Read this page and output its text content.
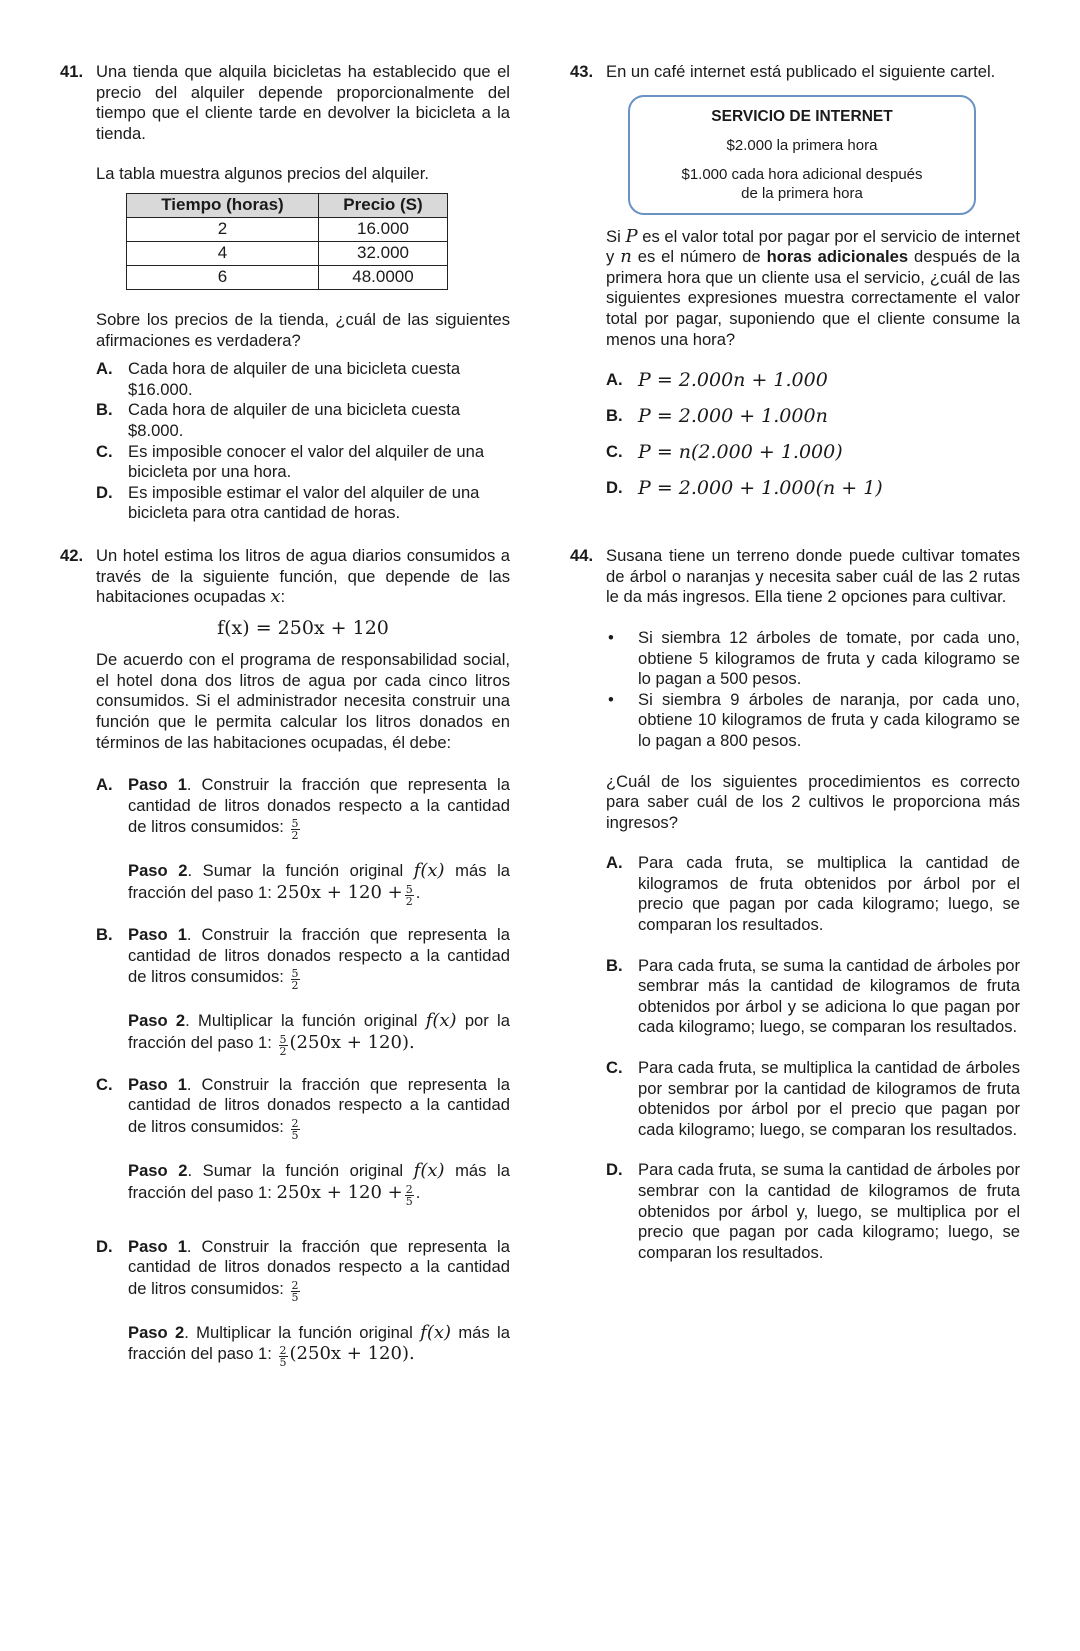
41. Una tienda que alquila bicicletas ha establecido que el precio del alquiler depende proporcionalmente del tiempo que el cliente tarde en devolver la bicicleta a la tienda.

La tabla muestra algunos precios del alquiler.

Tiempo (horas)	Precio (S)
2	16.000
4	32.000
6	48.0000

Sobre los precios de la tienda, ¿cuál de las siguientes afirmaciones es verdadera?

A. Cada hora de alquiler de una bicicleta cuesta $16.000.
B. Cada hora de alquiler de una bicicleta cuesta $8.000.
C. Es imposible conocer el valor del alquiler de una bicicleta por una hora.
D. Es imposible estimar el valor del alquiler de una bicicleta para otra cantidad de horas.
42. Un hotel estima los litros de agua diarios consumidos a través de la siguiente función, que depende de las habitaciones ocupadas x:

f(x) = 250x + 120

De acuerdo con el programa de responsabilidad social, el hotel dona dos litros de agua por cada cinco litros consumidos. Si el administrador necesita construir una función que le permita calcular los litros donados en términos de las habitaciones ocupadas, él debe:

A. Paso 1. Construir la fracción que representa la cantidad de litros donados respecto a la cantidad de litros consumidos: $\frac{5}{2}$

Paso 2. Sumar la función original f(x) más la fracción del paso 1: $250x + 120 + \frac{5}{2}$ .

B. Paso 1. Construir la fracción que representa la cantidad de litros donados respecto a la cantidad de litros consumidos: $\frac{5}{2}$

Paso 2. Multiplicar la función original f(x) por la fracción del paso 1: $\frac{5}{2} (250x + 120)$.

C. Paso 1. Construir la fracción que representa la cantidad de litros donados respecto a la cantidad de litros consumidos: $\frac{2}{5}$

Paso 2. Sumar la función original f(x) más la fracción del paso 1: $250x + 120 + \frac{2}{5}$ .

D. Paso 1. Construir la fracción que representa la cantidad de litros donados respecto a la cantidad de litros consumidos: $\frac{2}{5}$

Paso 2. Multiplicar la función original f(x) más la fracción del paso 1: $\frac{2}{5} (250x + 120)$.

43. En un café internet está publicado el siguiente cartel.

SERVICIO DE INTERNET
$2.000 la primera hora
$1.000 cada hora adicional después de la primera hora

Si P es el valor total por pagar por el servicio de internet y n es el número de horas adicionales después de la primera hora que un cliente usa el servicio, ¿cuál de las siguientes expresiones muestra correctamente el valor total por pagar, suponiendo que el cliente consume la menos una hora?

A. P = 2.000n + 1.000
B. P = 2.000 + 1.000n
C. P = n(2.000 + 1.000)
D. P = 2.000 + 1.000(n + 1)
44. Susana tiene un terreno donde puede cultivar tomates de árbol o naranjas y necesita saber cuál de las 2 rutas le da más ingresos. Ella tiene 2 opciones para cultivar.

• Si siembra 12 árboles de tomate, por cada uno, obtiene 5 kilogramos de fruta y cada kilogramo se lo pagan a 500 pesos.
• Si siembra 9 árboles de naranja, por cada uno, obtiene 10 kilogramos de fruta y cada kilogramo se lo pagan a 800 pesos.

¿Cuál de los siguientes procedimientos es correcto para saber cuál de los 2 cultivos le proporciona más ingresos?

A. Para cada fruta, se multiplica la cantidad de kilogramos de fruta obtenidos por árbol por el precio que pagan por cada kilogramo; luego, se comparan los resultados.
B. Para cada fruta, se suma la cantidad de árboles por sembrar más la cantidad de kilogramos de fruta obtenidos por árbol y se adiciona lo que pagan por cada kilogramo; luego, se comparan los resultados.
C. Para cada fruta, se multiplica la cantidad de árboles por sembrar por la cantidad de kilogramos de fruta obtenidos por árbol por el precio que pagan por cada kilogramo; luego, se comparan los resultados.
D. Para cada fruta, se suma la cantidad de árboles por sembrar con la cantidad de kilogramos de fruta obtenidos por árbol y, luego, se multiplica por el precio que pagan por cada kilogramo; luego, se comparan los resultados.
